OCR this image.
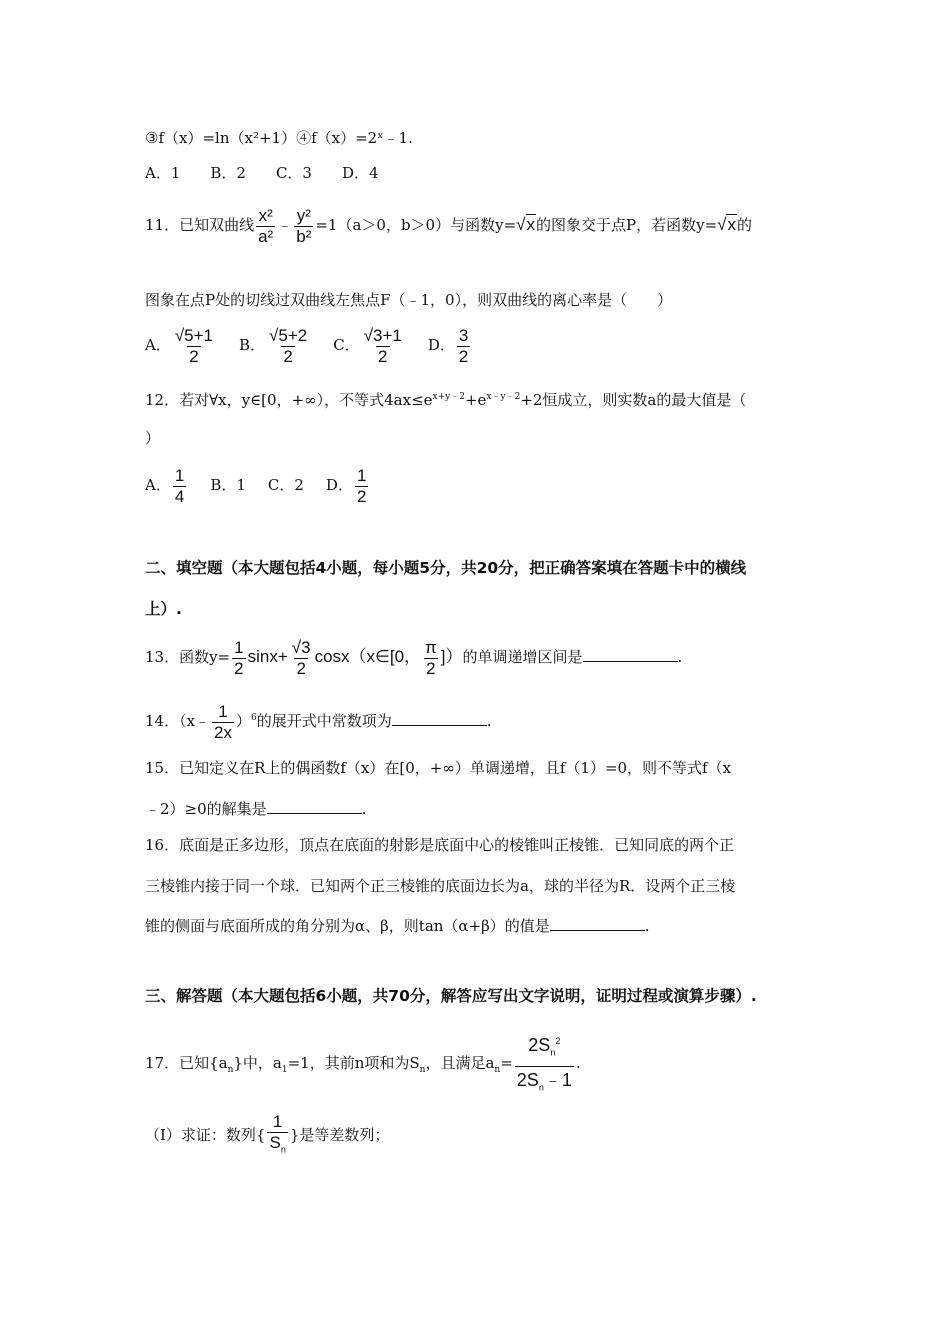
③f（x）=ln（x²+1）④f（x）=2ˣ﹣1.
A．1　　B．2　　C．3　　D．4
11．已知双曲线 $\frac{\text{x²}}{\text{a²}}$ ﹣ $\frac{\text{y²}}{\text{b²}} =1(a>0$，b＞0）与函数y=√x的图象交于点P，若函数y=√x的
图象在点P处的切线过双曲线左焦点F（﹣1，0），则双曲线的离心率是（　　）
A． $\frac{√5+1}{2}$ B． $\frac{√5+2}{2}$ C． $\frac{√3+1}{2}$ D． $\frac{3}{2}$
12．若对∀x，y∈[0，+∞），不等式$4ax\le e^{x+y﹣2}+e^{x﹣y﹣2}+2$恒成立，则实数a的最大值是（
）
A． $\frac{1}{4}$ B．1 C．2 D． $\frac{1}{2}$
二、填空题（本大题包括4小题，每小题5分，共20分，把正确答案填在答题卡中的横线
上）.
13．函数$y= \frac{1}{2} \sin x+ \frac{√3}{2}$ cosx（x∈[0， $\frac{\pi}{2}$ ]）的单调递增区间是	.
14．（x﹣ $\frac{1}{2x} )^6$的展开式中常数项为	.
15．已知定义在R上的偶函数f（x）在[0，+∞）单调递增，且f（1）=0，则不等式f（x
﹣2）≥0的解集是	.
16．底面是正多边形，顶点在底面的射影是底面中心的棱锥叫正棱锥．已知同底的两个正
三棱锥内接于同一个球．已知两个正三棱锥的底面边长为a，球的半径为R．设两个正三棱
锥的侧面与底面所成的角分别为α、β，则tan（α+β）的值是	.
三、解答题（本大题包括6小题，共70分，解答应写出文字说明，证明过程或演算步骤）.
17．已知$\{a_n\}$中，$a_1=1$，其前n项和为$S_n$，且满足$a_n= \frac{2S_n^2}{2S_n﹣1}$ .
（Ⅰ）求证：数列{ $\frac{1}{S_n}$ }是等差数列；
